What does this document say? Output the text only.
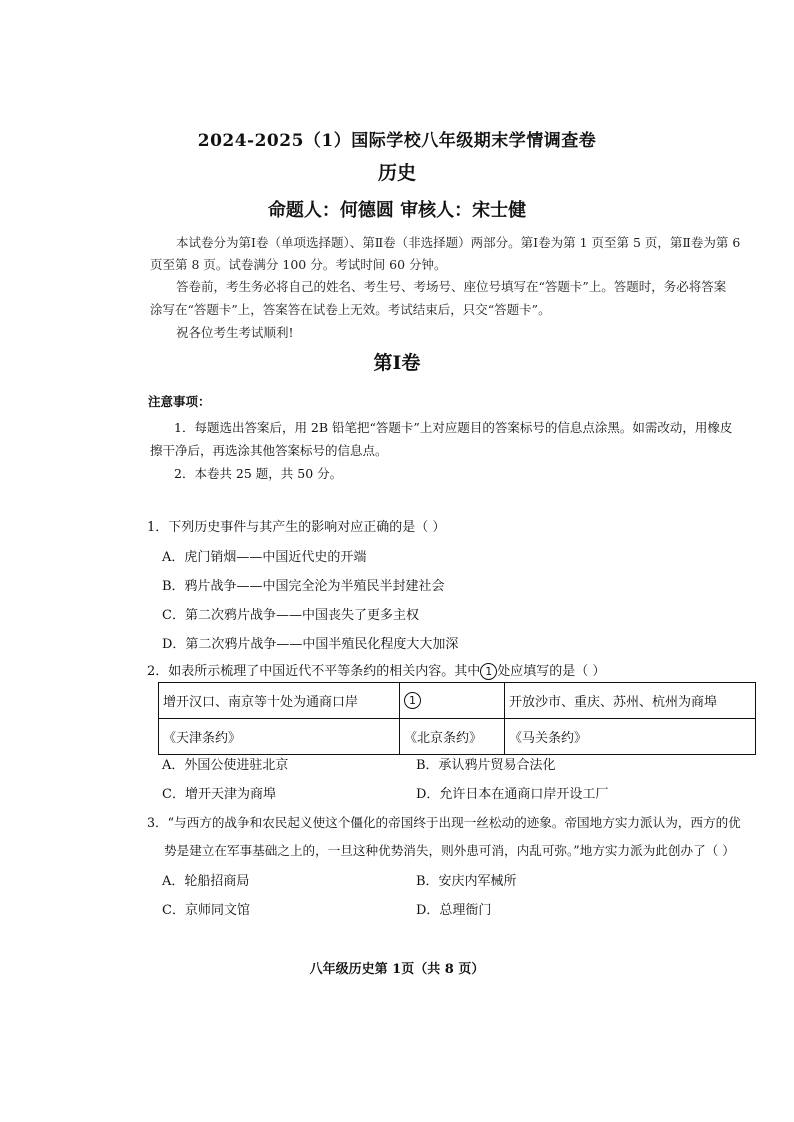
2024-2025（1）国际学校八年级期末学情调查卷
历史
命题人：何德圆 审核人：宋士健
本试卷分为第Ⅰ卷（单项选择题）、第Ⅱ卷（非选择题）两部分。第Ⅰ卷为第 1 页至第 5 页，第Ⅱ卷为第 6
页至第 8 页。试卷满分 100 分。考试时间 60 分钟。
答卷前，考生务必将自己的姓名、考生号、考场号、座位号填写在“答题卡”上。答题时，务必将答案
涂写在“答题卡”上，答案答在试卷上无效。考试结束后，只交“答题卡”。
祝各位考生考试顺利!
第Ⅰ卷
注意事项：
1．每题选出答案后，用 2B 铅笔把“答题卡”上对应题目的答案标号的信息点涂黑。如需改动，用橡皮
擦干净后，再选涂其他答案标号的信息点。
2．本卷共 25 题，共 50 分。
1．下列历史事件与其产生的影响对应正确的是（ ）
A．虎门销烟——中国近代史的开端
B．鸦片战争——中国完全沦为半殖民半封建社会
C．第二次鸦片战争——中国丧失了更多主权
D．第二次鸦片战争——中国半殖民化程度大大加深
2．如表所示梳理了中国近代不平等条约的相关内容。其中 1 处应填写的是（ ）
增开汉口、南京等十处为通商口岸	1	开放沙市、重庆、苏州、杭州为商埠
《天津条约》	《北京条约》	《马关条约》
A．外国公使进驻北京	B．承认鸦片贸易合法化
C．增开天津为商埠	D．允许日本在通商口岸开设工厂
3．“与西方的战争和农民起义使这个僵化的帝国终于出现一丝松动的迹象。帝国地方实力派认为，西方的优
势是建立在军事基础之上的，一旦这种优势消失，则外患可消，内乱可弥。”地方实力派为此创办了（ ）
A．轮船招商局	B．安庆内军械所
C．京师同文馆	D．总理衙门
八年级历史第 1页（共 8 页）
